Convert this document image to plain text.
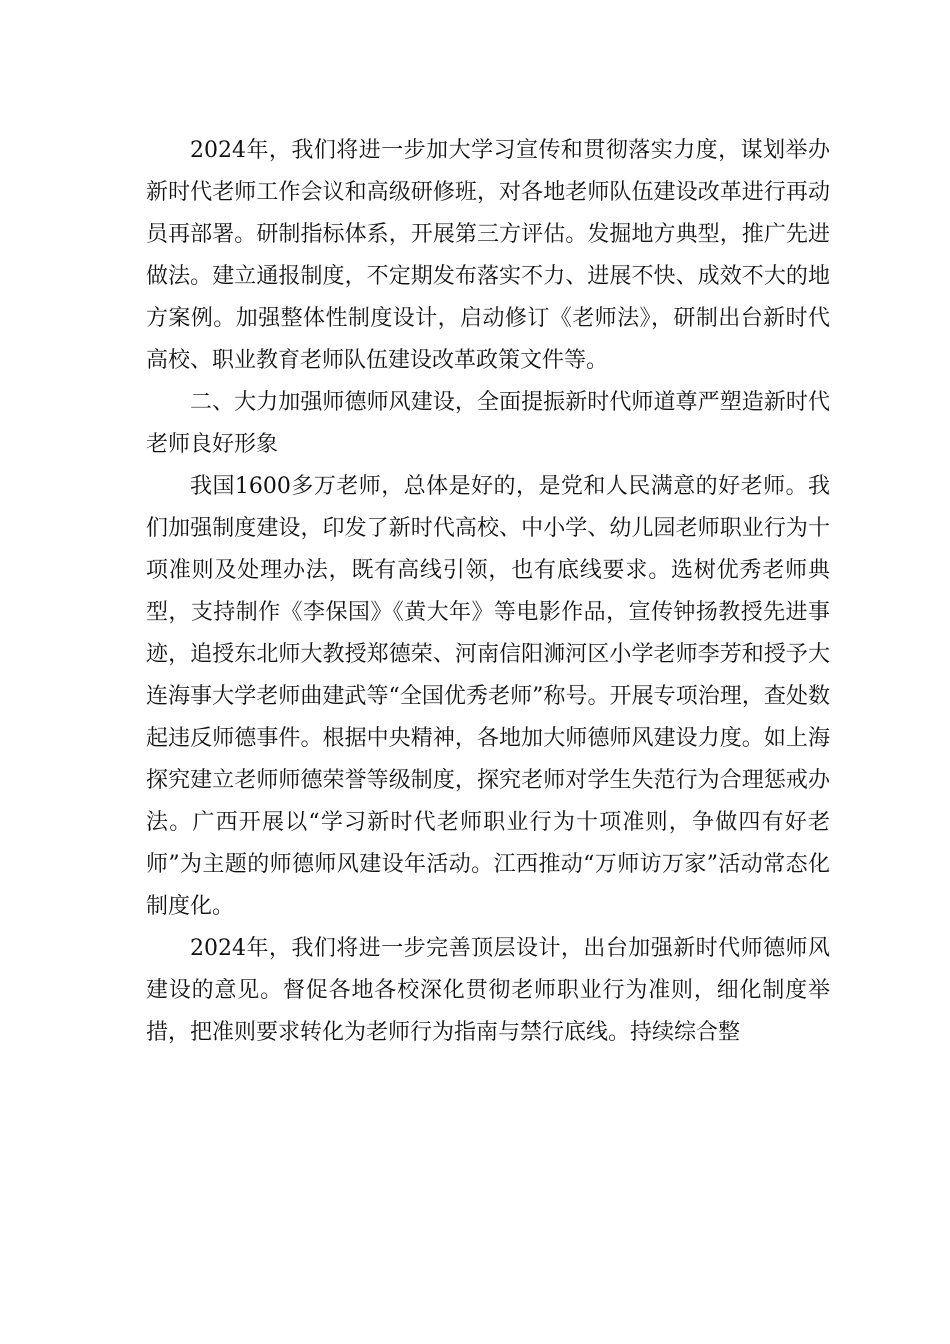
2024年，我们将进一步加大学习宣传和贯彻落实力度，谋划举办新时代老师工作会议和高级研修班，对各地老师队伍建设改革进行再动员再部署。研制指标体系，开展第三方评估。发掘地方典型，推广先进做法。建立通报制度，不定期发布落实不力、进展不快、成效不大的地方案例。加强整体性制度设计，启动修订《老师法》，研制出台新时代高校、职业教育老师队伍建设改革政策文件等。

二、大力加强师德师风建设，全面提振新时代师道尊严塑造新时代老师良好形象

我国1600多万老师，总体是好的，是党和人民满意的好老师。我们加强制度建设，印发了新时代高校、中小学、幼儿园老师职业行为十项准则及处理办法，既有高线引领，也有底线要求。选树优秀老师典型，支持制作《李保国》《黄大年》等电影作品，宣传钟扬教授先进事迹，追授东北师大教授郑德荣、河南信阳浉河区小学老师李芳和授予大连海事大学老师曲建武等“全国优秀老师”称号。开展专项治理，查处数起违反师德事件。根据中央精神，各地加大师德师风建设力度。如上海探究建立老师师德荣誉等级制度，探究老师对学生失范行为合理惩戒办法。广西开展以“学习新时代老师职业行为十项准则，争做四有好老师”为主题的师德师风建设年活动。江西推动“万师访万家”活动常态化制度化。

2024年，我们将进一步完善顶层设计，出台加强新时代师德师风建设的意见。督促各地各校深化贯彻老师职业行为准则，细化制度举措，把准则要求转化为老师行为指南与禁行底线。持续综合整
